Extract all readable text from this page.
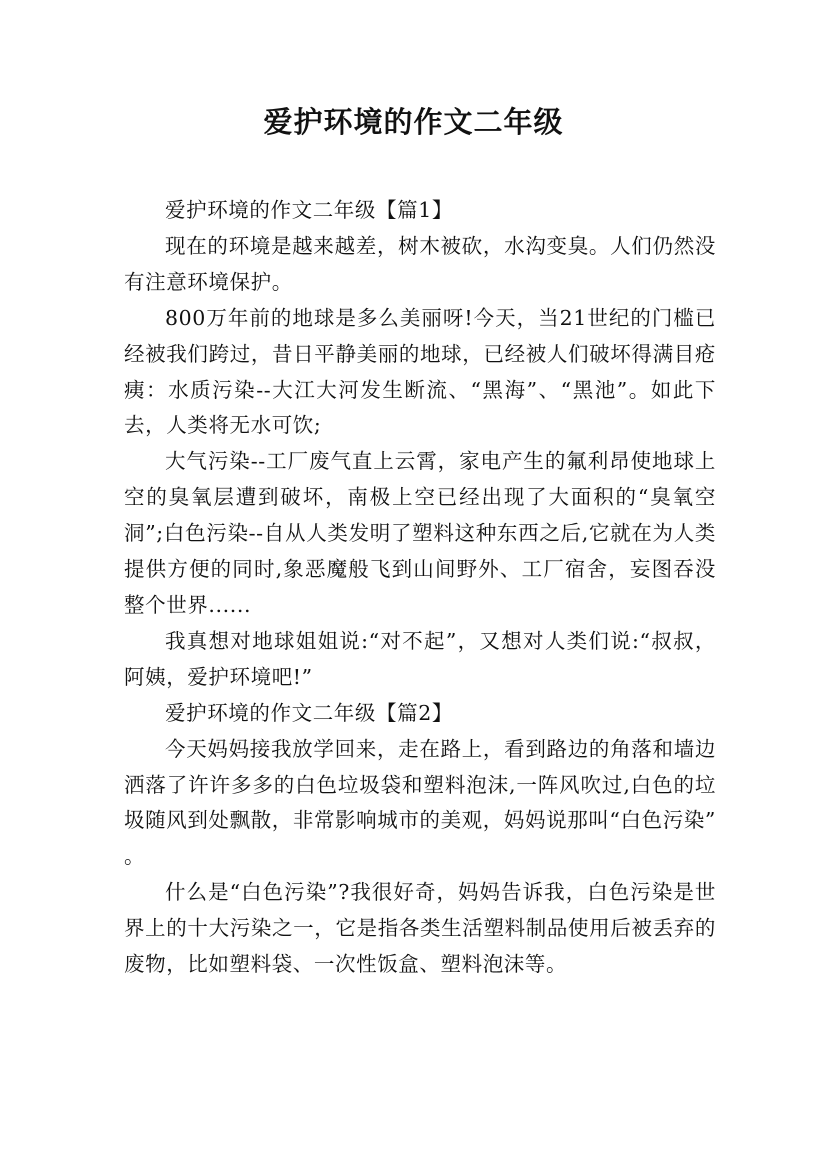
爱护环境的作文二年级

爱护环境的作文二年级【篇1】

现在的环境是越来越差，树木被砍，水沟变臭。人们仍然没有注意环境保护。

800万年前的地球是多么美丽呀!今天，当21世纪的门槛已经被我们跨过，昔日平静美丽的地球，已经被人们破坏得满目疮痍：水质污染--大江大河发生断流、“黑海”、“黑池”。如此下去，人类将无水可饮;

大气污染--工厂废气直上云霄，家电产生的氟利昂使地球上空的臭氧层遭到破坏，南极上空已经出现了大面积的“臭氧空洞”;白色污染--自从人类发明了塑料这种东西之后,它就在为人类提供方便的同时,象恶魔般飞到山间野外、工厂宿舍，妄图吞没整个世界......

我真想对地球姐姐说:“对不起”，又想对人类们说:“叔叔，阿姨，爱护环境吧!”

爱护环境的作文二年级【篇2】

今天妈妈接我放学回来，走在路上，看到路边的角落和墙边洒落了许许多多的白色垃圾袋和塑料泡沫,一阵风吹过,白色的垃圾随风到处飘散，非常影响城市的美观，妈妈说那叫“白色污染” 。

什么是“白色污染”?我很好奇，妈妈告诉我，白色污染是世界上的十大污染之一，它是指各类生活塑料制品使用后被丢弃的废物，比如塑料袋、一次性饭盒、塑料泡沫等。
